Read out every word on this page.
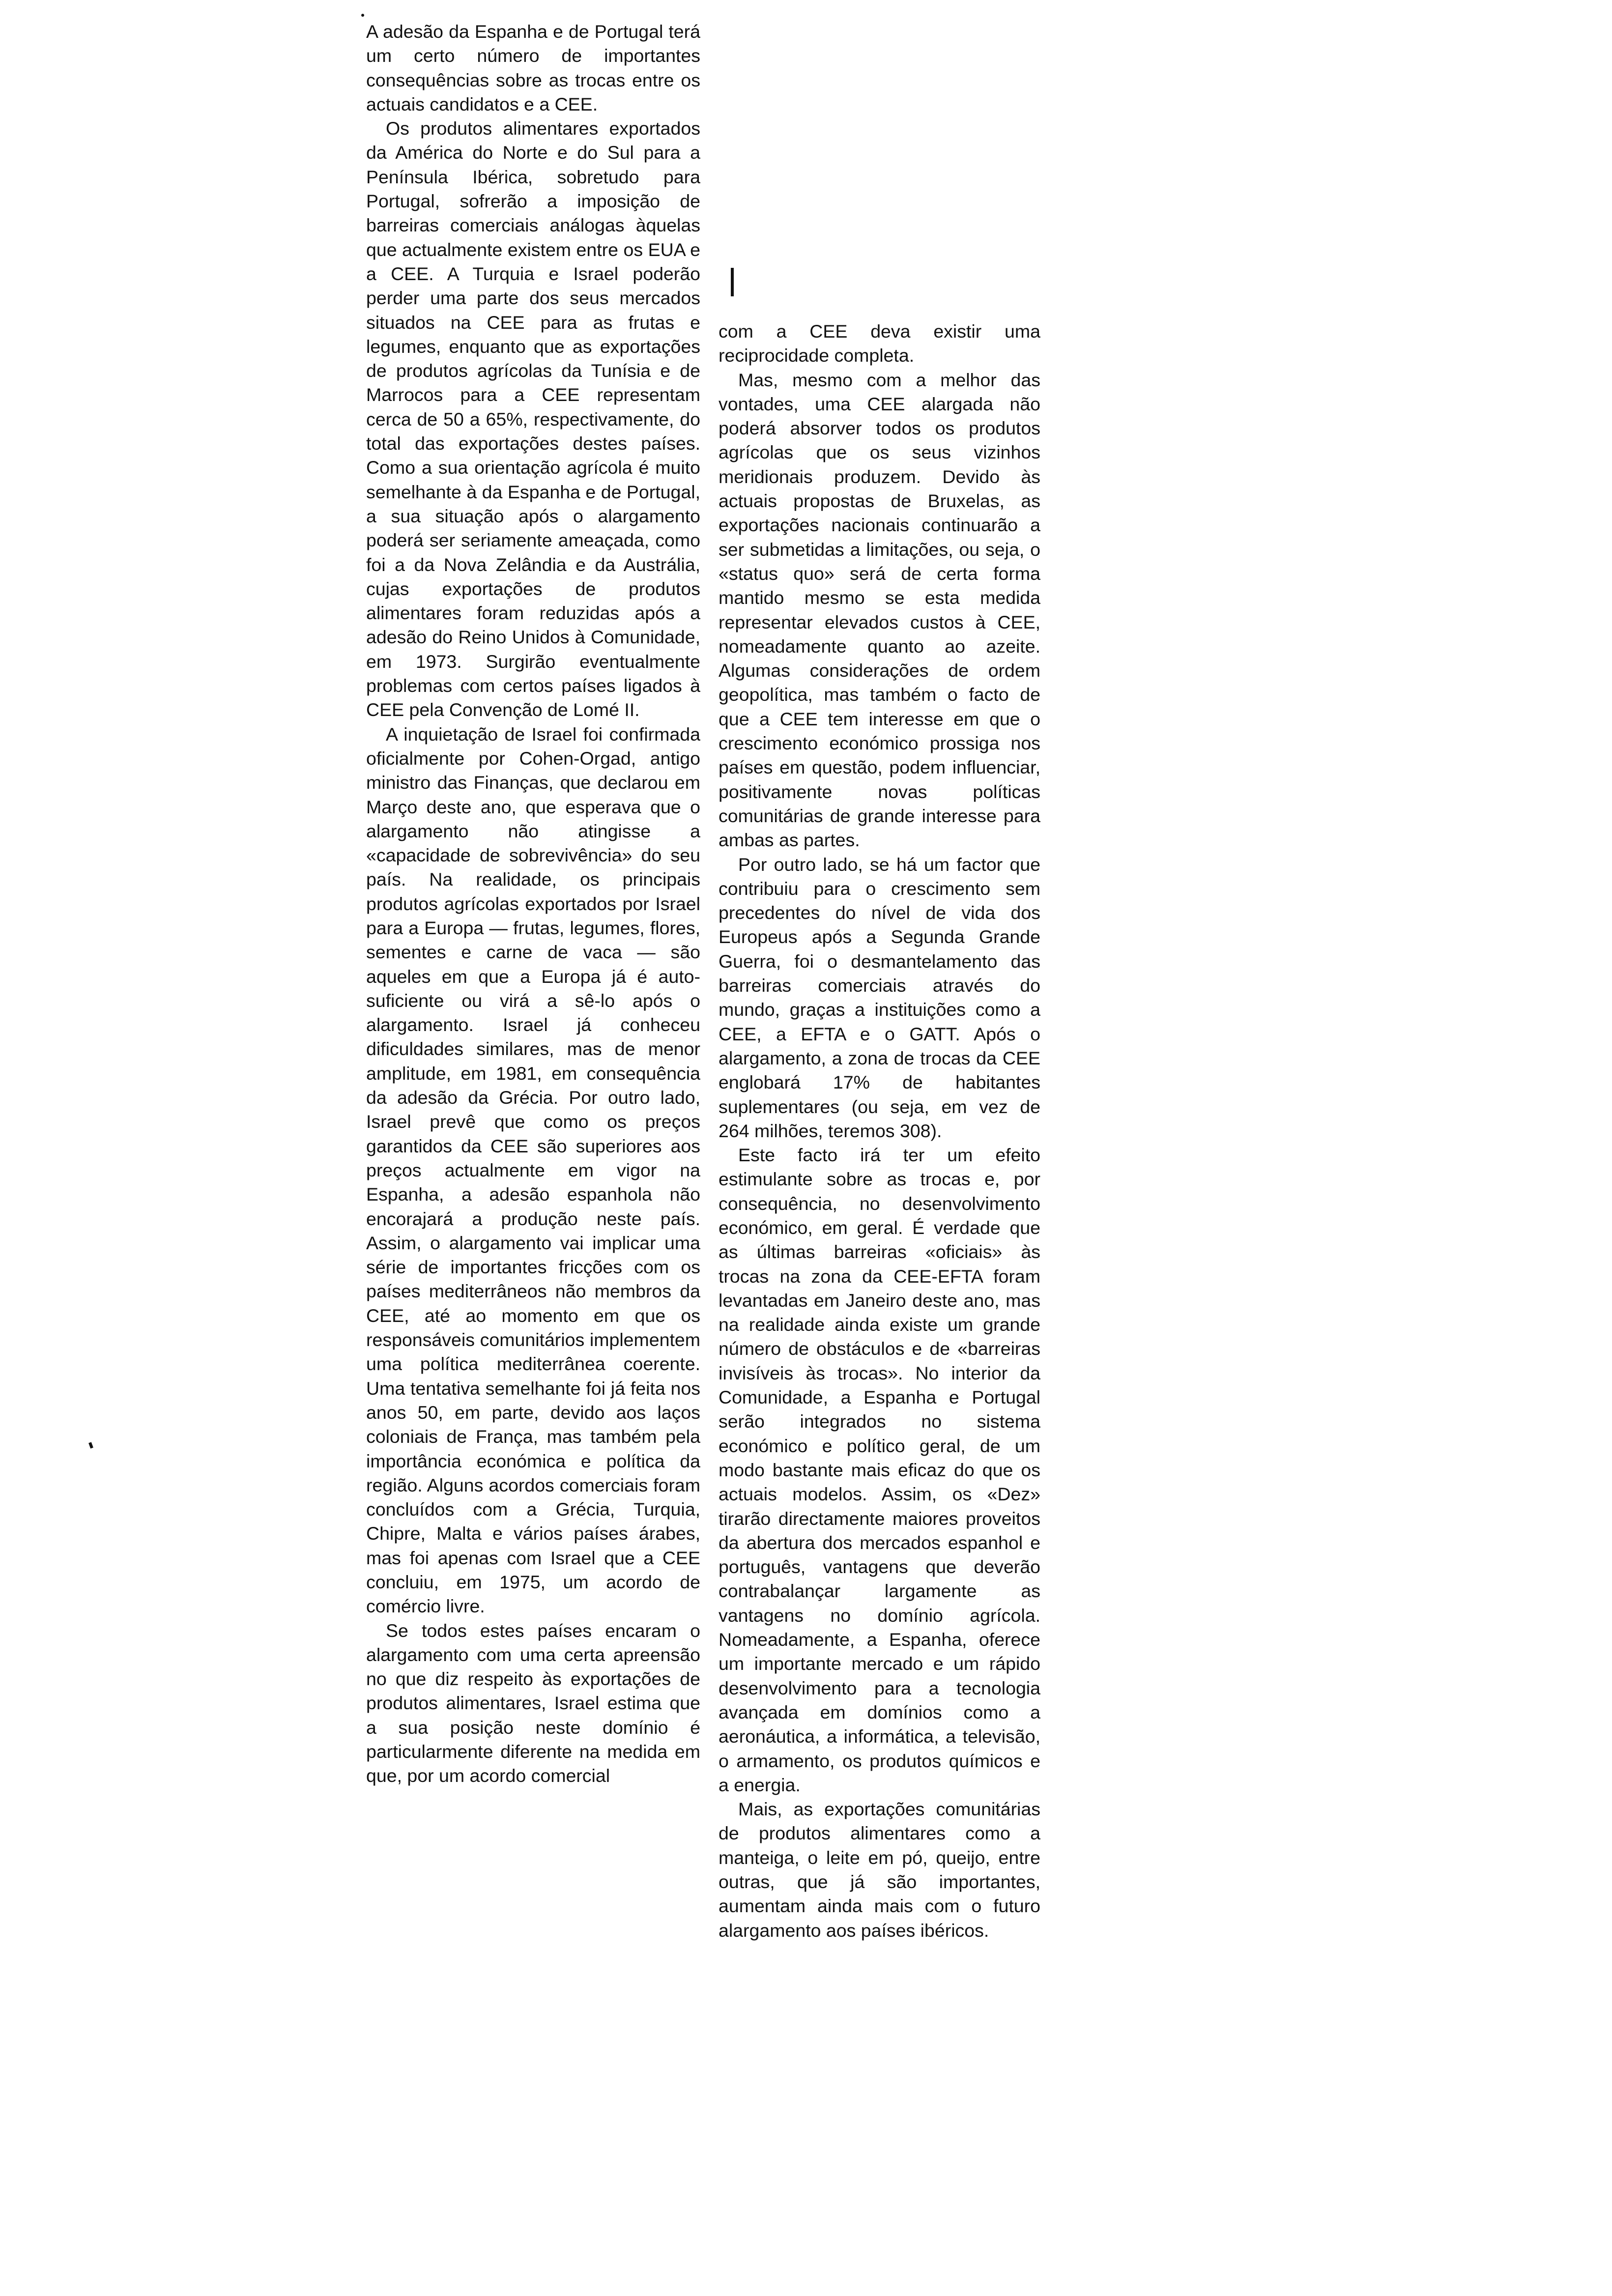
A adesão da Espanha e de Portugal terá um certo número de importantes consequências sobre as trocas entre os actuais candidatos e a CEE.

Os produtos alimentares exportados da América do Norte e do Sul para a Península Ibérica, sobretudo para Portugal, sofrerão a imposição de barreiras comerciais análogas àquelas que actualmente existem entre os EUA e a CEE. A Turquia e Israel poderão perder uma parte dos seus mercados situados na CEE para as frutas e legumes, enquanto que as exportações de produtos agrícolas da Tunísia e de Marrocos para a CEE representam cerca de 50 a 65%, respectivamente, do total das exportações destes países. Como a sua orientação agrícola é muito semelhante à da Espanha e de Portugal, a sua situação após o alargamento poderá ser seriamente ameaçada, como foi a da Nova Zelândia e da Austrália, cujas exportações de produtos alimentares foram reduzidas após a adesão do Reino Unidos à Comunidade, em 1973. Surgirão eventualmente problemas com certos países ligados à CEE pela Convenção de Lomé II.

A inquietação de Israel foi confirmada oficialmente por Cohen-Orgad, antigo ministro das Finanças, que declarou em Março deste ano, que esperava que o alargamento não atingisse a «capacidade de sobrevivência» do seu país. Na realidade, os principais produtos agrícolas exportados por Israel para a Europa — frutas, legumes, flores, sementes e carne de vaca — são aqueles em que a Europa já é auto-suficiente ou virá a sê-lo após o alargamento. Israel já conheceu dificuldades similares, mas de menor amplitude, em 1981, em consequência da adesão da Grécia. Por outro lado, Israel prevê que como os preços garantidos da CEE são superiores aos preços actualmente em vigor na Espanha, a adesão espanhola não encorajará a produção neste país. Assim, o alargamento vai implicar uma série de importantes fricções com os países mediterrâneos não membros da CEE, até ao momento em que os responsáveis comunitários implementem uma política mediterrânea coerente. Uma tentativa semelhante foi já feita nos anos 50, em parte, devido aos laços coloniais de França, mas também pela importância económica e política da região. Alguns acordos comerciais foram concluídos com a Grécia, Turquia, Chipre, Malta e vários países árabes, mas foi apenas com Israel que a CEE concluiu, em 1975, um acordo de comércio livre.

Se todos estes países encaram o alargamento com uma certa apreensão no que diz respeito às exportações de produtos alimentares, Israel estima que a sua posição neste domínio é particularmente diferente na medida em que, por um acordo comercial

com a CEE deva existir uma reciprocidade completa.

Mas, mesmo com a melhor das vontades, uma CEE alargada não poderá absorver todos os produtos agrícolas que os seus vizinhos meridionais produzem. Devido às actuais propostas de Bruxelas, as exportações nacionais continuarão a ser submetidas a limitações, ou seja, o «status quo» será de certa forma mantido mesmo se esta medida representar elevados custos à CEE, nomeadamente quanto ao azeite. Algumas considerações de ordem geopolítica, mas também o facto de que a CEE tem interesse em que o crescimento económico prossiga nos países em questão, podem influenciar, positivamente novas políticas comunitárias de grande interesse para ambas as partes.

Por outro lado, se há um factor que contribuiu para o crescimento sem precedentes do nível de vida dos Europeus após a Segunda Grande Guerra, foi o desmantelamento das barreiras comerciais através do mundo, graças a instituições como a CEE, a EFTA e o GATT. Após o alargamento, a zona de trocas da CEE englobará 17% de habitantes suplementares (ou seja, em vez de 264 milhões, teremos 308).

Este facto irá ter um efeito estimulante sobre as trocas e, por consequência, no desenvolvimento económico, em geral. É verdade que as últimas barreiras «oficiais» às trocas na zona da CEE-EFTA foram levantadas em Janeiro deste ano, mas na realidade ainda existe um grande número de obstáculos e de «barreiras invisíveis às trocas». No interior da Comunidade, a Espanha e Portugal serão integrados no sistema económico e político geral, de um modo bastante mais eficaz do que os actuais modelos. Assim, os «Dez» tirarão directamente maiores proveitos da abertura dos mercados espanhol e português, vantagens que deverão contrabalançar largamente as vantagens no domínio agrícola. Nomeadamente, a Espanha, oferece um importante mercado e um rápido desenvolvimento para a tecnologia avançada em domínios como a aeronáutica, a informática, a televisão, o armamento, os produtos químicos e a energia.

Mais, as exportações comunitárias de produtos alimentares como a manteiga, o leite em pó, queijo, entre outras, que já são importantes, aumentam ainda mais com o futuro alargamento aos países ibéricos.
